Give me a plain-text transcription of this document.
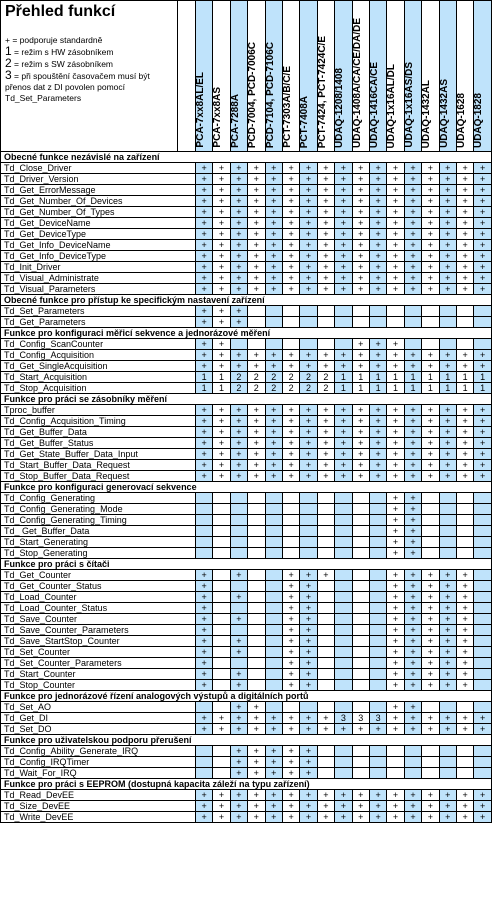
	PCA-7xx8AL/EL	PCA-7xx8AS	PCA-7288A	PCD-7004, PCD-7006C	PCD-7104, PCD-7106C	PCT-7303A/B/C/E	PCT-7408A	PCT-7424, PCT-7424C/E	UDAQ-1208/1408	UDAQ-1408A/CA/CE/DA/DE	UDAQ-1416CA/CE	UDAQ-1x16AL/DL	UDAQ-1x16AS/DS	UDAQ-1432AL	UDAQ-1432AS	UDAQ-1628	UDAQ-1828

Obecné funkce nezávislé na zařízení																	
Td_Close_Driver	+	+	+	+	+	+	+	+	+	+	+	+	+	+	+	+	+
Td_Driver_Version	+	+	+	+	+	+	+	+	+	+	+	+	+	+	+	+	+
Td_Get_ErrorMessage	+	+	+	+	+	+	+	+	+	+	+	+	+	+	+	+	+
Td_Get_Number_Of_Devices	+	+	+	+	+	+	+	+	+	+	+	+	+	+	+	+	+
Td_Get_Number_Of_Types	+	+	+	+	+	+	+	+	+	+	+	+	+	+	+	+	+
Td_Get_DeviceName	+	+	+	+	+	+	+	+	+	+	+	+	+	+	+	+	+
Td_Get_DeviceType	+	+	+	+	+	+	+	+	+	+	+	+	+	+	+	+	+
Td_Get_Info_DeviceName	+	+	+	+	+	+	+	+	+	+	+	+	+	+	+	+	+
Td_Get_Info_DeviceType	+	+	+	+	+	+	+	+	+	+	+	+	+	+	+	+	+
Td_Init_Driver	+	+	+	+	+	+	+	+	+	+	+	+	+	+	+	+	+
Td_Visual_Administrate	+	+	+	+	+	+	+	+	+	+	+	+	+	+	+	+	+
Td_Visual_Parameters	+	+	+	+	+	+	+	+	+	+	+	+	+	+	+	+	+
Obecné funkce pro přístup ke specifickým nastavení zařízení																	
Td_Set_Parameters	+	+	+														
Td_Get_Parameters	+	+	+														
Funkce pro konfiguraci měřicí sekvence a jednorázové měření																	
Td_Config_ScanCounter	+	+								+	+	+					
Td_Config_Acquisition	+	+	+	+	+	+	+	+	+	+	+	+	+	+	+	+	+
Td_Get_SingleAcquisition	+	+	+	+	+	+	+	+	+	+	+	+	+	+	+	+	+
Td_Start_Acquisition	1	1	2	2	2	2	2	2	1	1	1	1	1	1	1	1	1
Td_Stop_Acquisition	1	1	2	2	2	2	2	2	1	1	1	1	1	1	1	1	1
Funkce pro práci se zásobníky měření																	
Tproc_buffer	+	+	+	+	+	+	+	+	+	+	+	+	+	+	+	+	+
Td_Config_Acquisition_Timing	+	+	+	+	+	+	+	+	+	+	+	+	+	+	+	+	+
Td_Get_Buffer_Data	+	+	+	+	+	+	+	+	+	+	+	+	+	+	+	+	+
Td_Get_Buffer_Status	+	+	+	+	+	+	+	+	+	+	+	+	+	+	+	+	+
Td_Get_State_Buffer_Data_Input	+	+	+	+	+	+	+	+	+	+	+	+	+	+	+	+	+
Td_Start_Buffer_Data_Request	+	+	+	+	+	+	+	+	+	+	+	+	+	+	+	+	+
Td_Stop_Buffer_Data_Request	+	+	+	+	+	+	+	+	+	+	+	+	+	+	+	+	+
Funkce pro konfiguraci generovací sekvence																	
Td_Config_Generating												+	+				
Td_Config_Generating_Mode												+	+				
Td_Config_Generating_Timing												+	+				
Td_ Get_Buffer_Data												+	+				
Td_Start_Generating												+	+				
Td_Stop_Generating												+	+				
Funkce pro práci s čítači																	
Td_Get_Counter	+		+			+	+	+				+	+	+	+	+	
Td_Get_Counter_Status	+					+	+					+	+	+	+	+	
Td_Load_Counter	+		+			+	+					+	+	+	+	+	
Td_Load_Counter_Status	+					+	+					+	+	+	+	+	
Td_Save_Counter	+		+			+	+					+	+	+	+	+	
Td_Save_Counter_Parameters	+					+	+					+	+	+	+	+	
Td_Save_StartStop_Counter	+		+			+	+					+	+	+	+	+	
Td_Set_Counter	+		+			+	+					+	+	+	+	+	
Td_Set_Counter_Parameters	+					+	+					+	+	+	+	+	
Td_Start_Counter	+		+			+	+					+	+	+	+	+	
Td_Stop_Counter	+		+			+	+					+	+	+	+	+	
Funkce pro jednorázové řízení analogových výstupů a digitálních portů																	
Td_Set_AO			+	+								+	+				
Td_Get_DI	+	+	+	+	+	+	+	+	3	3	3	+	+	+	+	+	+
Td_Set_DO	+	+	+	+	+	+	+	+	+	+	+	+	+	+	+	+	+
Funkce pro uživatelskou podporu přerušení																	
Td_Config_Ability_Generate_IRQ			+	+	+	+	+										
Td_Config_IRQTimer			+	+	+	+	+										
Td_Wait_For_IRQ			+	+	+	+	+										
Funkce pro práci s EEPROM (dostupná kapacita záleží na typu zařízení)																	
Td_Read_DevEE	+	+	+	+	+	+	+	+	+	+	+	+	+	+	+	+	+
Td_Size_DevEE	+	+	+	+	+	+	+	+	+	+	+	+	+	+	+	+	+
Td_Write_DevEE	+	+	+	+	+	+	+	+	+	+	+	+	+	+	+	+	+
Přehled funkcí
+ = podporuje standardně
1 = režim s HW zásobníkem
2 = režim s SW zásobníkem
3 = při spouštění časovačem musí být přenos dat z DI povolen pomocí Td_Set_Parameters
